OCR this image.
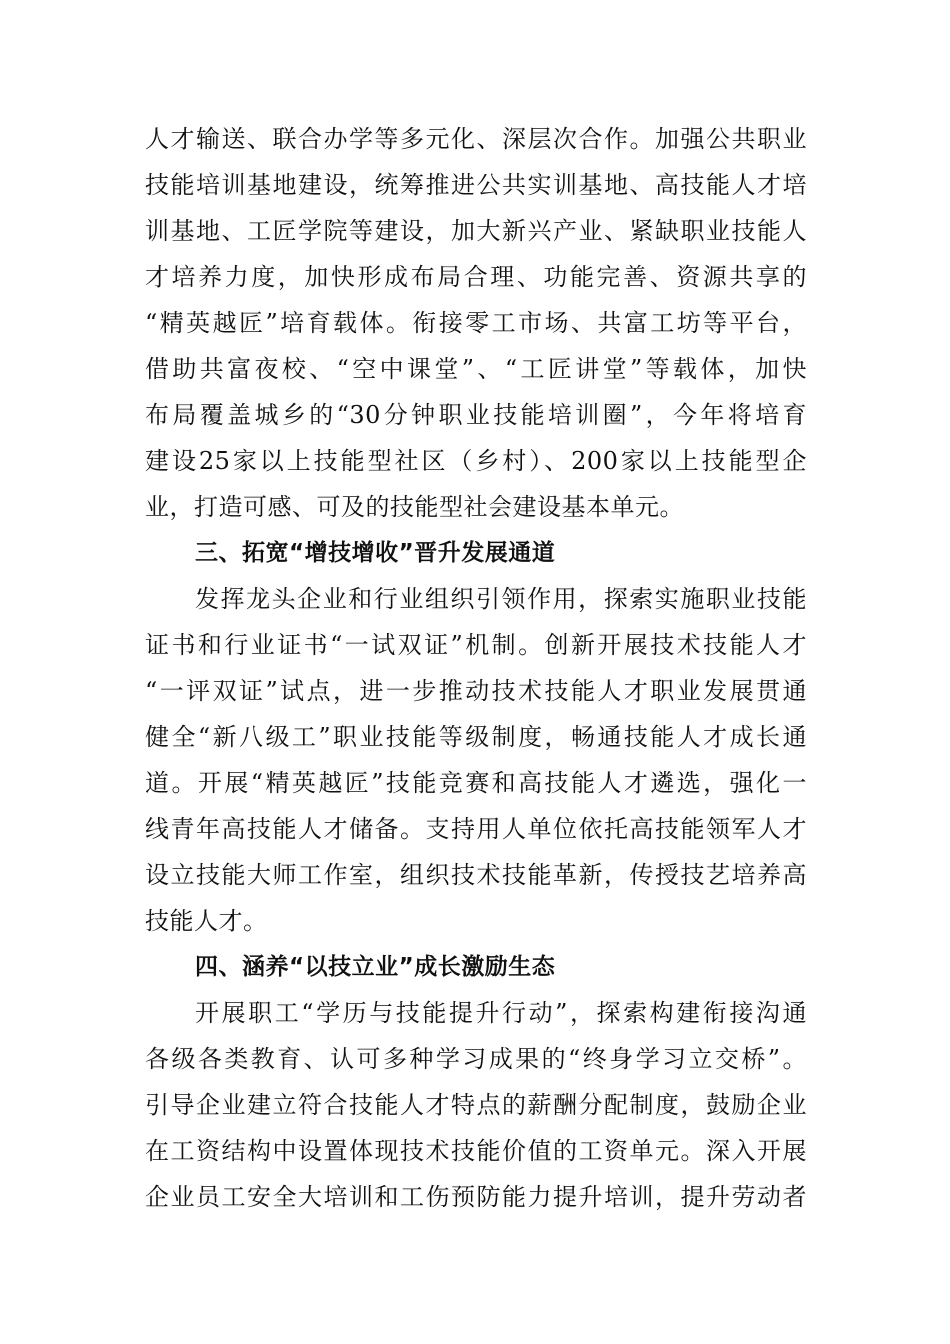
人才输送、联合办学等多元化、深层次合作。加强公共职业
技能培训基地建设，统筹推进公共实训基地、高技能人才培
训基地、工匠学院等建设，加大新兴产业、紧缺职业技能人
才培养力度，加快形成布局合理、功能完善、资源共享的
“精英越匠”培育载体。衔接零工市场、共富工坊等平台，
借助共富夜校、“空中课堂”、“工匠讲堂”等载体，加快
布局覆盖城乡的“30分钟职业技能培训圈”，今年将培育
建设25家以上技能型社区（乡村）、200家以上技能型企
业，打造可感、可及的技能型社会建设基本单元。
三、拓宽“增技增收”晋升发展通道
发挥龙头企业和行业组织引领作用，探索实施职业技能
证书和行业证书“一试双证”机制。创新开展技术技能人才
“一评双证”试点，进一步推动技术技能人才职业发展贯通
健全“新八级工”职业技能等级制度，畅通技能人才成长通
道。开展“精英越匠”技能竞赛和高技能人才遴选，强化一
线青年高技能人才储备。支持用人单位依托高技能领军人才
设立技能大师工作室，组织技术技能革新，传授技艺培养高
技能人才。
四、涵养“以技立业”成长激励生态
开展职工“学历与技能提升行动”，探索构建衔接沟通
各级各类教育、认可多种学习成果的“终身学习立交桥”。
引导企业建立符合技能人才特点的薪酬分配制度，鼓励企业
在工资结构中设置体现技术技能价值的工资单元。深入开展
企业员工安全大培训和工伤预防能力提升培训，提升劳动者
